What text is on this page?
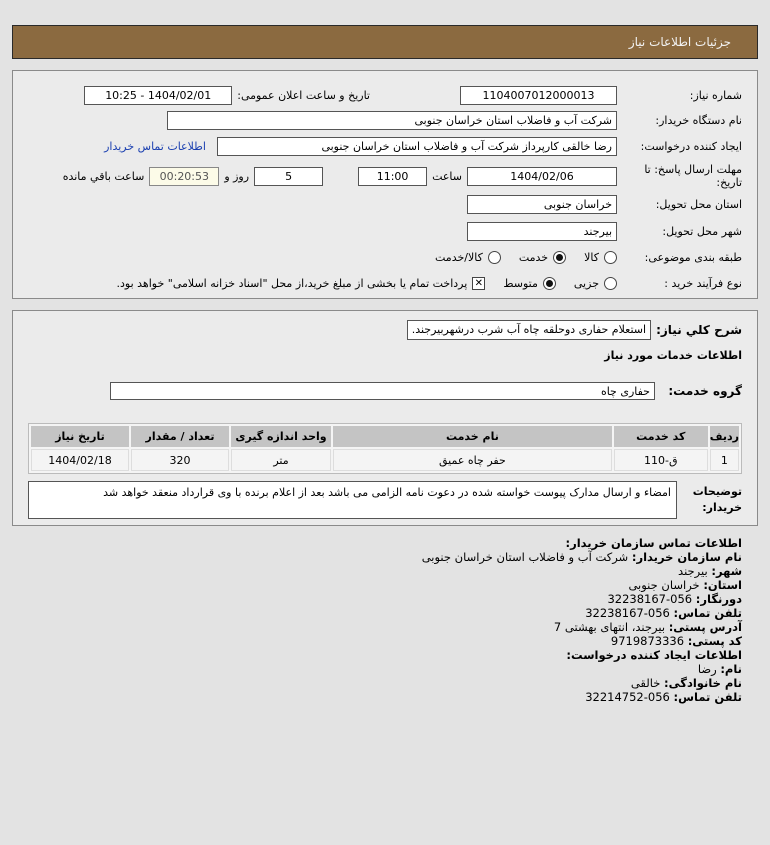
جزئیات اطلاعات نیاز
شماره نیاز:
1104007012000013
تاریخ و ساعت اعلان عمومی:
1404/02/01 - 10:25
نام دستگاه خریدار:
شرکت آب و فاضلاب استان خراسان جنوبی
ایجاد کننده درخواست:
رضا خالقی کارپرداز شرکت آب و فاضلاب استان خراسان جنوبی
اطلاعات تماس خریدار
مهلت ارسال پاسخ: تا تاریخ:
1404/02/06
ساعت
11:00
5
روز و
00:20:53
ساعت باقي مانده
استان محل تحویل:
خراسان جنوبی
شهر محل تحویل:
بیرجند
طبقه بندی موضوعی:
کالا
خدمت
کالا/خدمت
نوع فرآیند خرید :
جزیی
متوسط
✕
پرداخت تمام یا بخشی از مبلغ خرید،از محل "اسناد خزانه اسلامی" خواهد بود.
شرح کلي نياز:
استعلام حفاری دوحلقه چاه آب شرب درشهربیرجند.
اطلاعات خدمات مورد نیاز
گروه خدمت:
حفاری چاه
ردیف	کد خدمت	نام خدمت	واحد اندازه گیری	تعداد / مقدار	تاریخ نیاز
1	ق-110	حفر چاه عمیق	متر	320	1404/02/18
توضیحات خریدار:
امضاء و ارسال مدارک پیوست خواسته شده در دعوت نامه الزامی می باشد بعد از اعلام برنده با وی قرارداد منعقد خواهد شد
اطلاعات تماس سازمان خریدار:
نام سازمان خریدار: شرکت آب و فاضلاب استان خراسان جنوبی
شهر: بیرجند
استان: خراسان جنوبی
دورنگار: 056-32238167
تلفن تماس: 056-32238167
آدرس پستی: بیرجند، انتهای بهشتی 7
کد پستی: 9719873336
اطلاعات ایجاد کننده درخواست:
نام: رضا
نام خانوادگی: خالقی
تلفن تماس: 056-32214752
